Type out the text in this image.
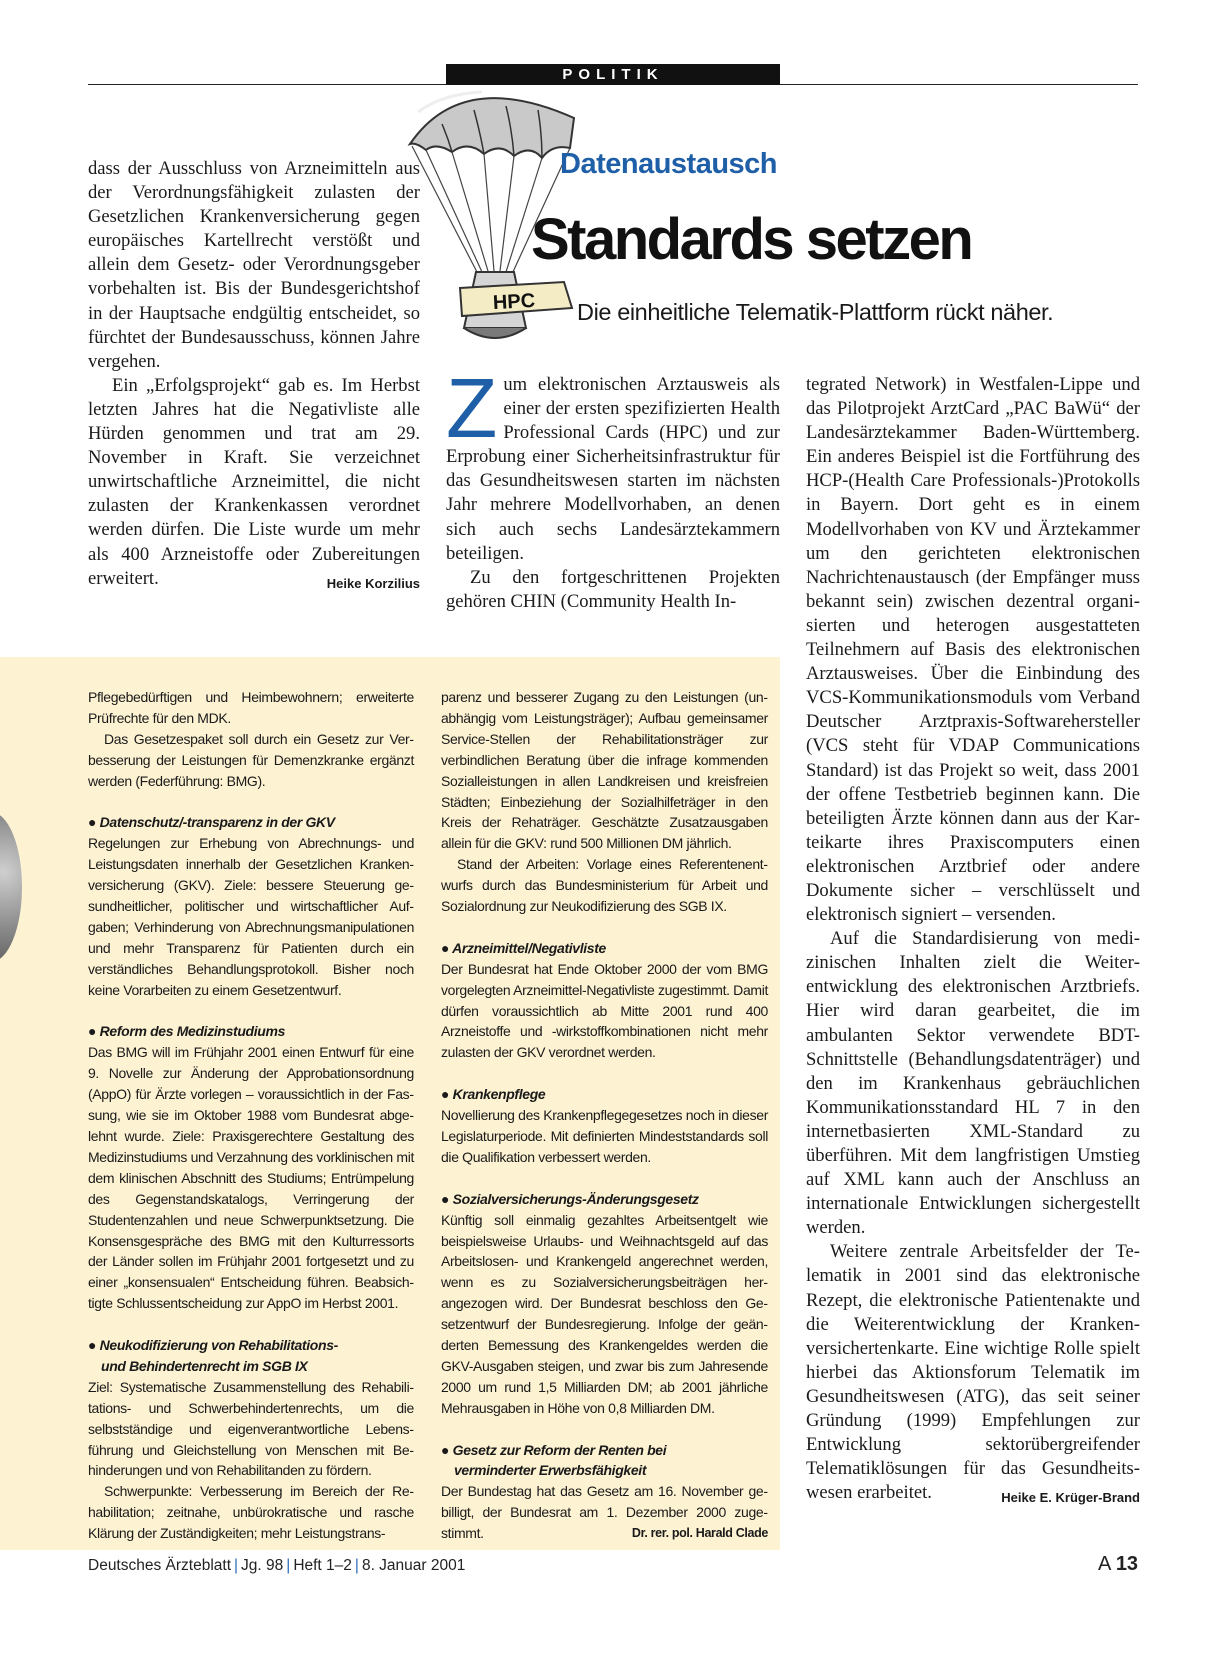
POLITIK
HPC
Datenaustausch
Standards setzen
Die einheitliche Telematik-Plattform rückt näher.

dass der Ausschluss von Arzneimitteln aus der Verordnungsfähigkeit zulasten der Gesetzlichen Krankenversicherung gegen europäisches Kartellrecht verstößt und allein dem Gesetz- oder Verordnungsgeber vorbehalten ist. Bis der Bundesgerichtshof in der Hauptsache endgültig entscheidet, so fürchtet der Bundesausschuss, können Jahre vergehen.

Ein „Erfolgsprojekt“ gab es. Im Herbst letzten Jahres hat die Negativliste alle Hürden genommen und trat am 29. November in Kraft. Sie verzeichnet unwirtschaftliche Arzneimittel, die nicht zulasten der Krankenkassen verordnet werden dürfen. Die Liste wurde um mehr als 400 Arzneistoffe oder Zubereitungen erweitert.	Heike Korzilius

Zum elektronischen Arztausweis als einer der ersten spezifizierten Health Professional Cards (HPC) und zur Erprobung einer Sicherheitsinfrastruktur für das Gesundheitswesen starten im nächsten Jahr mehrere Modellvorhaben, an denen sich auch sechs Landesärztekammern beteiligen.

Zu den fortgeschrittenen Projekten gehören CHIN (Community Health In-

tegrated Network) in Westfalen-Lippe und das Pilotprojekt ArztCard „PAC BaWü“ der Landesärztekammer Baden-Württemberg. Ein anderes Beispiel ist die Fortführung des HCP-(Health Care Professionals-)Protokolls in Bayern. Dort geht es in einem Modellvorhaben von KV und Ärztekammer um den gerichteten elektronischen Nachrichtenaustausch (der Empfänger muss bekannt sein) zwischen dezentral organisierten und heterogen ausgestatteten Teilnehmern auf Basis des elektronischen Arztausweises. Über die Einbindung des VCS-Kommunikationsmoduls vom Verband Deutscher Arztpraxis-Softwarehersteller (VCS steht für VDAP Communications Standard) ist das Projekt so weit, dass 2001 der offene Testbetrieb beginnen kann. Die beteiligten Ärzte können dann aus der Karteikarte ihres Praxiscomputers einen elektronischen Arztbrief oder andere Dokumente sicher – verschlüsselt und elektronisch signiert – versenden.

Auf die Standardisierung von medizinischen Inhalten zielt die Weiterentwicklung des elektronischen Arztbriefs. Hier wird daran gearbeitet, die im ambulanten Sektor verwendete BDT-Schnittstelle (Behandlungsdatenträger) und den im Krankenhaus gebräuchlichen Kommunikationsstandard HL 7 in den internetbasierten XML-Standard zu überführen. Mit dem langfristigen Umstieg auf XML kann auch der Anschluss an internationale Entwicklungen sichergestellt werden.

Weitere zentrale Arbeitsfelder der Telematik in 2001 sind das elektronische Rezept, die elektronische Patientenakte und die Weiterentwicklung der Krankenversichertenkarte. Eine wichtige Rolle spielt hierbei das Aktionsforum Telematik im Gesundheitswesen (ATG), das seit seiner Gründung (1999) Empfehlungen zur Entwicklung sektorübergreifender Telematiklösungen für das Gesundheitswesen erarbeitet.	Heike E. Krüger-Brand

Pflegebedürftigen und Heimbewohnern; erweiterte Prüfrechte für den MDK.

Das Gesetzespaket soll durch ein Gesetz zur Verbesserung der Leistungen für Demenzkranke ergänzt werden (Federführung: BMG).

● Datenschutz/-transparenz in der GKV

Regelungen zur Erhebung von Abrechnungs- und Leistungsdaten innerhalb der Gesetzlichen Krankenversicherung (GKV). Ziele: bessere Steuerung gesundheitlicher, politischer und wirtschaftlicher Aufgaben; Verhinderung von Abrechnungsmanipulationen und mehr Transparenz für Patienten durch ein verständliches Behandlungsprotokoll. Bisher noch keine Vorarbeiten zu einem Gesetzentwurf.

● Reform des Medizinstudiums

Das BMG will im Frühjahr 2001 einen Entwurf für eine 9. Novelle zur Änderung der Approbationsordnung (AppO) für Ärzte vorlegen – voraussichtlich in der Fassung, wie sie im Oktober 1988 vom Bundesrat abgelehnt wurde. Ziele: Praxisgerechtere Gestaltung des Medizinstudiums und Verzahnung des vorklinischen mit dem klinischen Abschnitt des Studiums; Entrümpelung des Gegenstandskatalogs, Verringerung der Studentenzahlen und neue Schwerpunktsetzung. Die Konsensgespräche des BMG mit den Kulturressorts der Länder sollen im Frühjahr 2001 fortgesetzt und zu einer „konsensualen“ Entscheidung führen. Beabsichtigte Schlussentscheidung zur AppO im Herbst 2001.

● Neukodifizierung von Rehabilitations-

und Behindertenrecht im SGB IX

Ziel: Systematische Zusammenstellung des Rehabilitations- und Schwerbehindertenrechts, um die selbstständige und eigenverantwortliche Lebensführung und Gleichstellung von Menschen mit Behinderungen und von Rehabilitanden zu fördern.

Schwerpunkte: Verbesserung im Bereich der Rehabilitation; zeitnahe, unbürokratische und rasche Klärung der Zuständigkeiten; mehr Leistungstrans-

parenz und besserer Zugang zu den Leistungen (unabhängig vom Leistungsträger); Aufbau gemeinsamer Service-Stellen der Rehabilitationsträger zur verbindlichen Beratung über die infrage kommenden Sozialleistungen in allen Landkreisen und kreisfreien Städten; Einbeziehung der Sozialhilfeträger in den Kreis der Rehaträger. Geschätzte Zusatzausgaben allein für die GKV: rund 500 Millionen DM jährlich.

Stand der Arbeiten: Vorlage eines Referentenentwurfs durch das Bundesministerium für Arbeit und Sozialordnung zur Neukodifizierung des SGB IX.

● Arzneimittel/Negativliste

Der Bundesrat hat Ende Oktober 2000 der vom BMG vorgelegten Arzneimittel-Negativliste zugestimmt. Damit dürfen voraussichtlich ab Mitte 2001 rund 400 Arzneistoffe und -wirkstoffkombinationen nicht mehr zulasten der GKV verordnet werden.

● Krankenpflege

Novellierung des Krankenpflegegesetzes noch in dieser Legislaturperiode. Mit definierten Mindeststandards soll die Qualifikation verbessert werden.

● Sozialversicherungs-Änderungsgesetz

Künftig soll einmalig gezahltes Arbeitsentgelt wie beispielsweise Urlaubs- und Weihnachtsgeld auf das Arbeitslosen- und Krankengeld angerechnet werden, wenn es zu Sozialversicherungsbeiträgen herangezogen wird. Der Bundesrat beschloss den Gesetzentwurf der Bundesregierung. Infolge der geänderten Bemessung des Krankengeldes werden die GKV-Ausgaben steigen, und zwar bis zum Jahresende 2000 um rund 1,5 Milliarden DM; ab 2001 jährliche Mehrausgaben in Höhe von 0,8 Milliarden DM.

● Gesetz zur Reform der Renten bei

verminderter Erwerbsfähigkeit

Der Bundestag hat das Gesetz am 16. November gebilligt, der Bundesrat am 1. Dezember 2000 zugestimmt.	Dr. rer. pol. Harald Clade

Deutsches Ärzteblatt | Jg. 98 | Heft 1–2 | 8. Januar 2001	A 13
